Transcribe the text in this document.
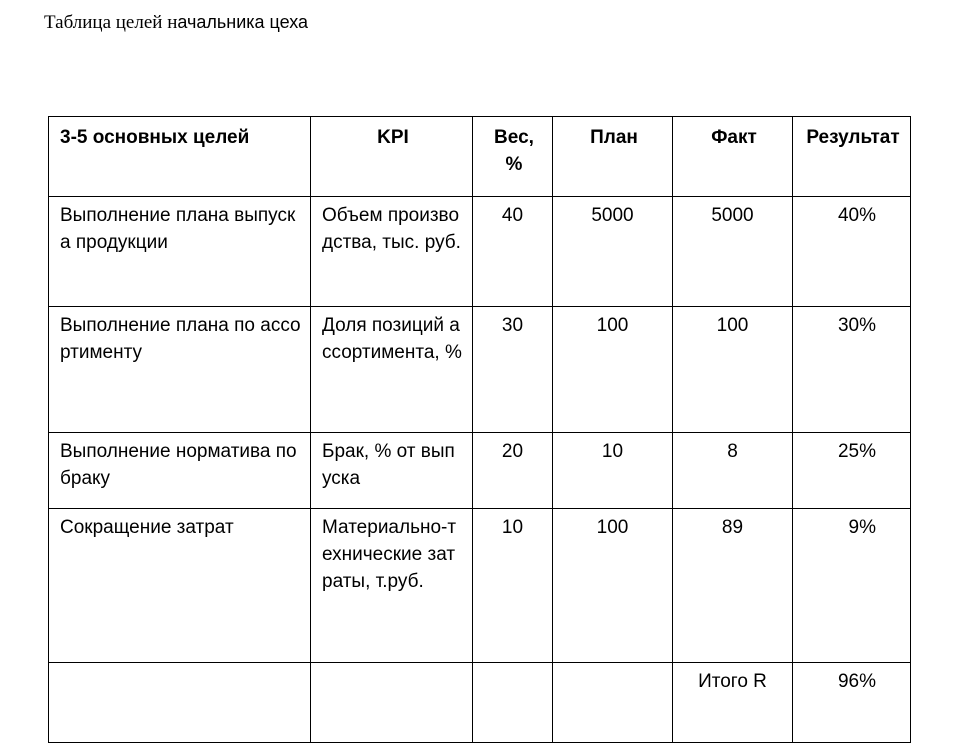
Таблица целей начальника цеха
3-5 основных целей	KPI	Вес, %	План	Факт	Результат
Выполнение плана выпуска продукции	Объем производства, тыс. руб.	40	5000	5000	40%
Выполнение плана по ассортименту	Доля позиций ассортимента, %	30	100	100	30%
Выполнение норматива по браку	Брак, % от выпуска	20	10	8	25%
Сокращение затрат	Материально-технические затраты, т.руб.	10	100	89	9%
				Итого R	96%
